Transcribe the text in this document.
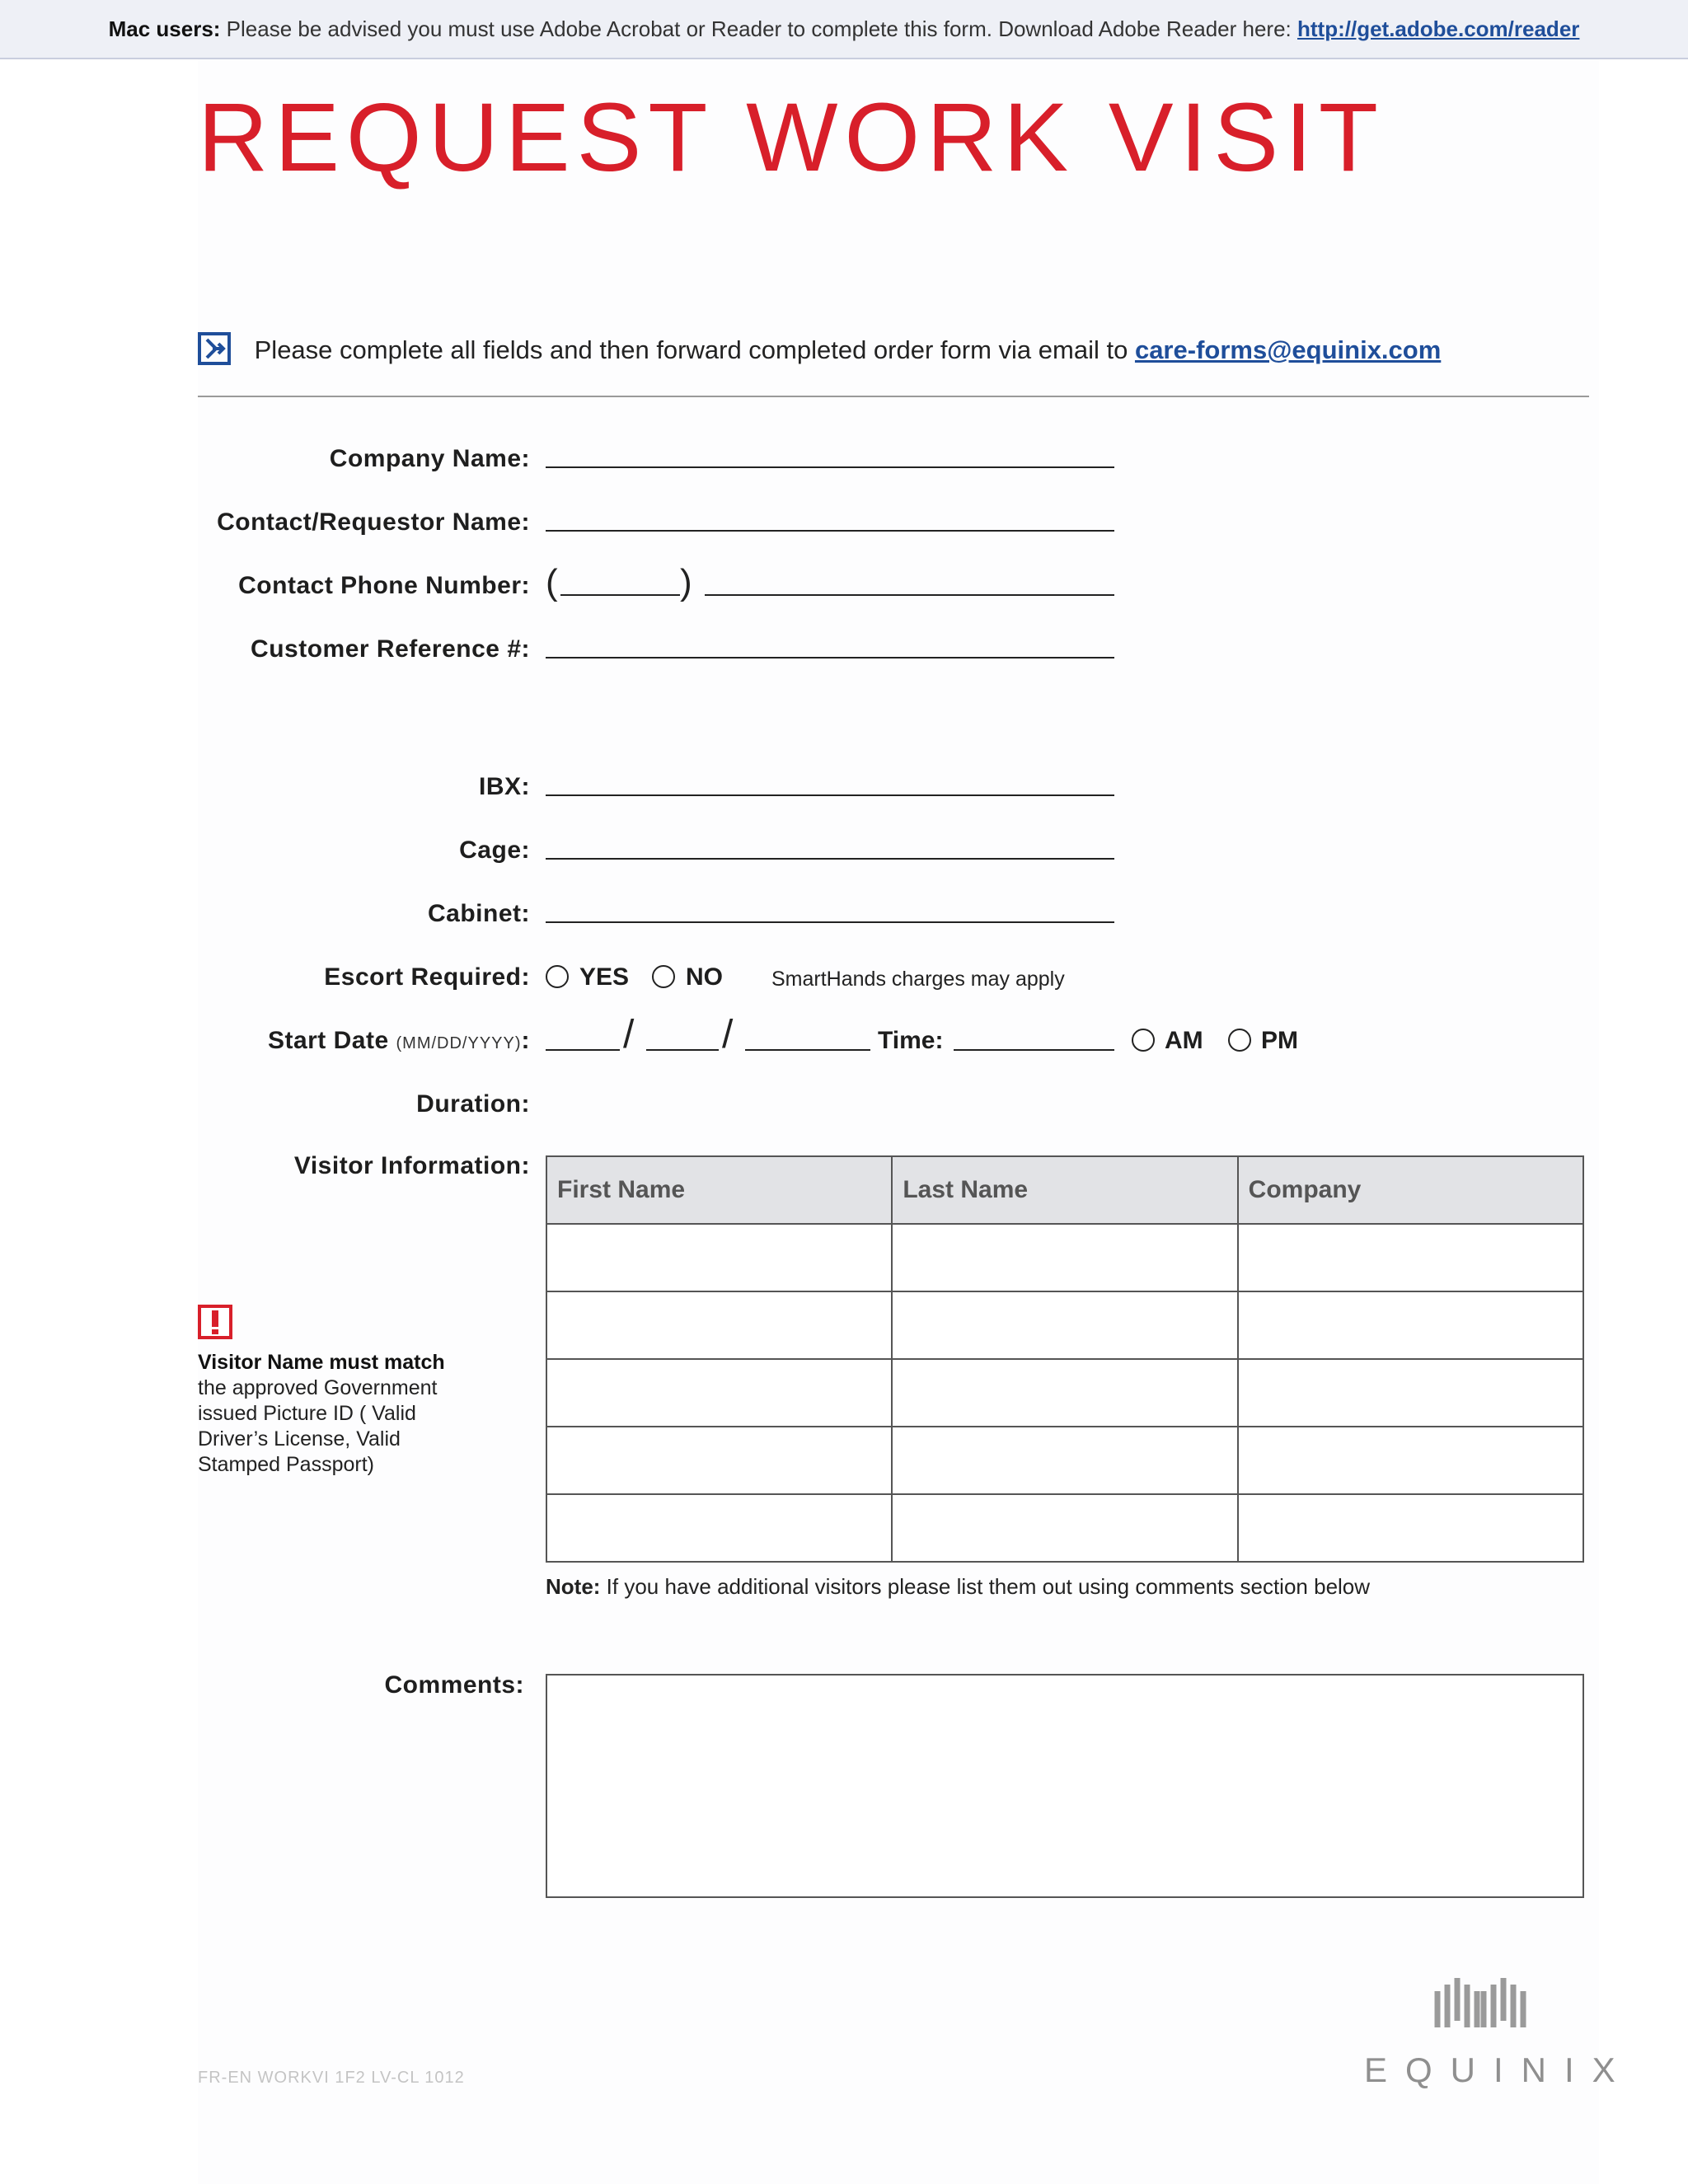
Mac users: Please be advised you must use Adobe Acrobat or Reader to complete this form. Download Adobe Reader here: http://get.adobe.com/reader
REQUEST WORK VISIT
Please complete all fields and then forward completed order form via email to care-forms@equinix.com
Company Name:
Contact/Requestor Name:
Contact Phone Number: (	)
Customer Reference #:
IBX:
Cage:
Cabinet:
Escort Required: YES NO SmartHands charges may apply
Start Date (MM/DD/YYYY): / /	Time:	AM PM
Duration:
Visitor Information:
First Name	Last Name	Company

Visitor Name must match
the approved Government
issued Picture ID ( Valid
Driver’s License, Valid
Stamped Passport)
Note: If you have additional visitors please list them out using comments section below
Comments:
FR-EN WORKVI 1F2 LV-CL 1012	EQUINIX
